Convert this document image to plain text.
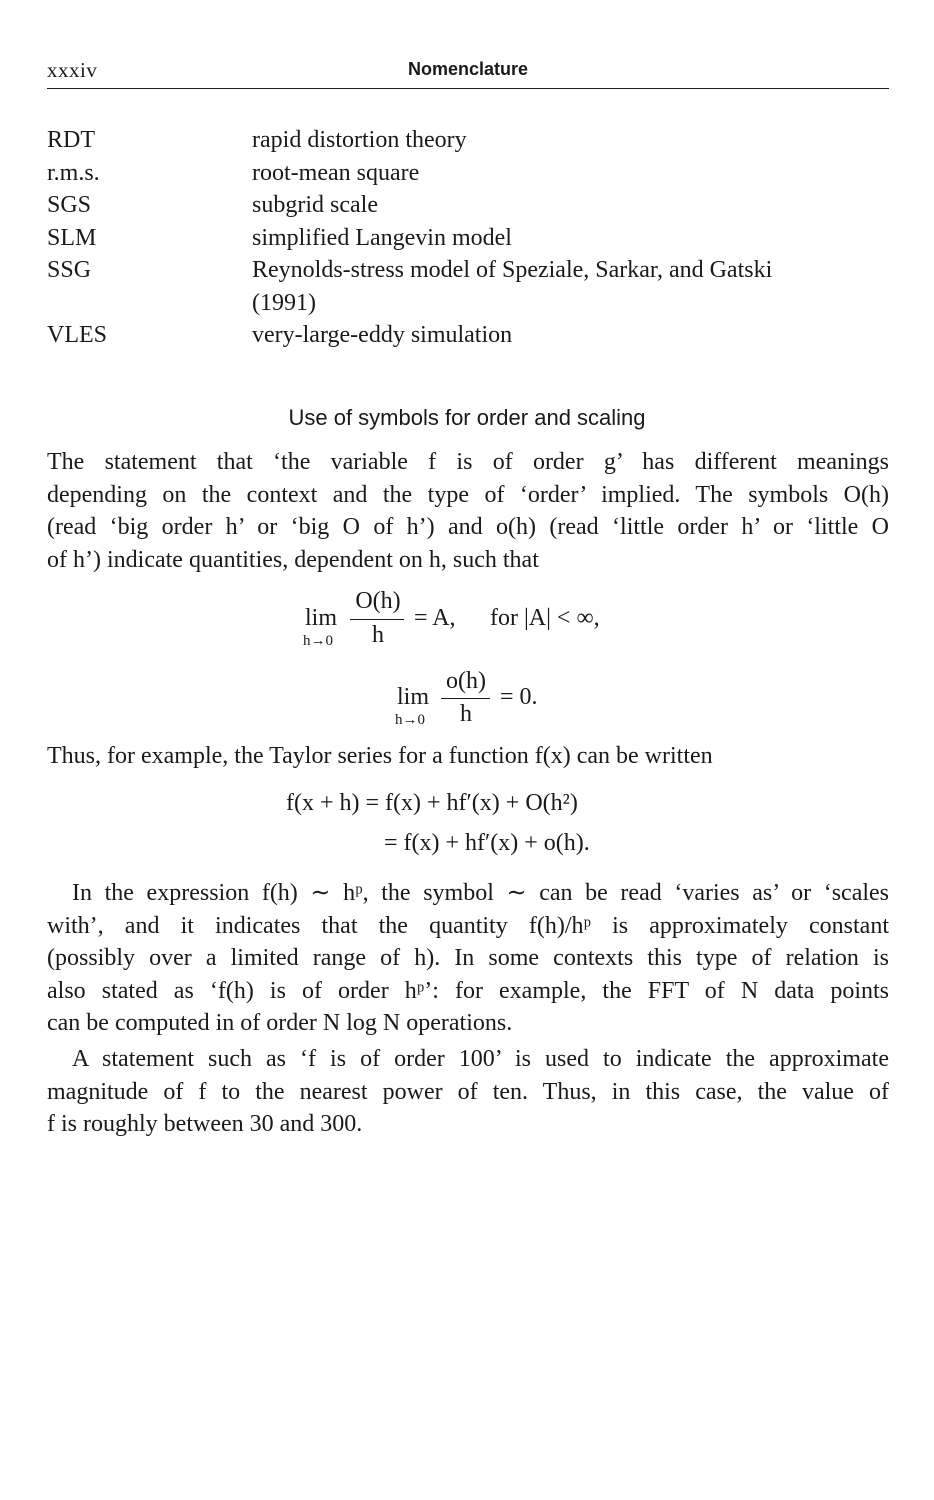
xxxiv	Nomenclature
RDT	rapid distortion theory
r.m.s.	root-mean square
SGS	subgrid scale
SLM	simplified Langevin model
SSG	Reynolds-stress model of Speziale, Sarkar, and Gatski
(1991)
VLES	very-large-eddy simulation
Use of symbols for order and scaling
The statement that ‘the variable f is of order g’ has different meanings
depending on the context and the type of ‘order’ implied. The symbols O(h)
(read ‘big order h’ or ‘big O of h’) and o(h) (read ‘little order h’ or ‘little O
of h’) indicate quantities, dependent on h, such that
lim
h→0
O(h)
h
= A, for |A| < ∞,
lim
h→0
o(h)
h
= 0.
Thus, for example, the Taylor series for a function f(x) can be written
f(x + h) = f(x) + hf′(x) + O(h²)
= f(x) + hf′(x) + o(h).
In the expression f(h) ∼ hᵖ, the symbol ∼ can be read ‘varies as’ or ‘scales
with’, and it indicates that the quantity f(h)/hᵖ is approximately constant
(possibly over a limited range of h). In some contexts this type of relation is
also stated as ‘f(h) is of order hᵖ’: for example, the FFT of N data points
can be computed in of order N log N operations.
A statement such as ‘f is of order 100’ is used to indicate the approximate
magnitude of f to the nearest power of ten. Thus, in this case, the value of
f is roughly between 30 and 300.
